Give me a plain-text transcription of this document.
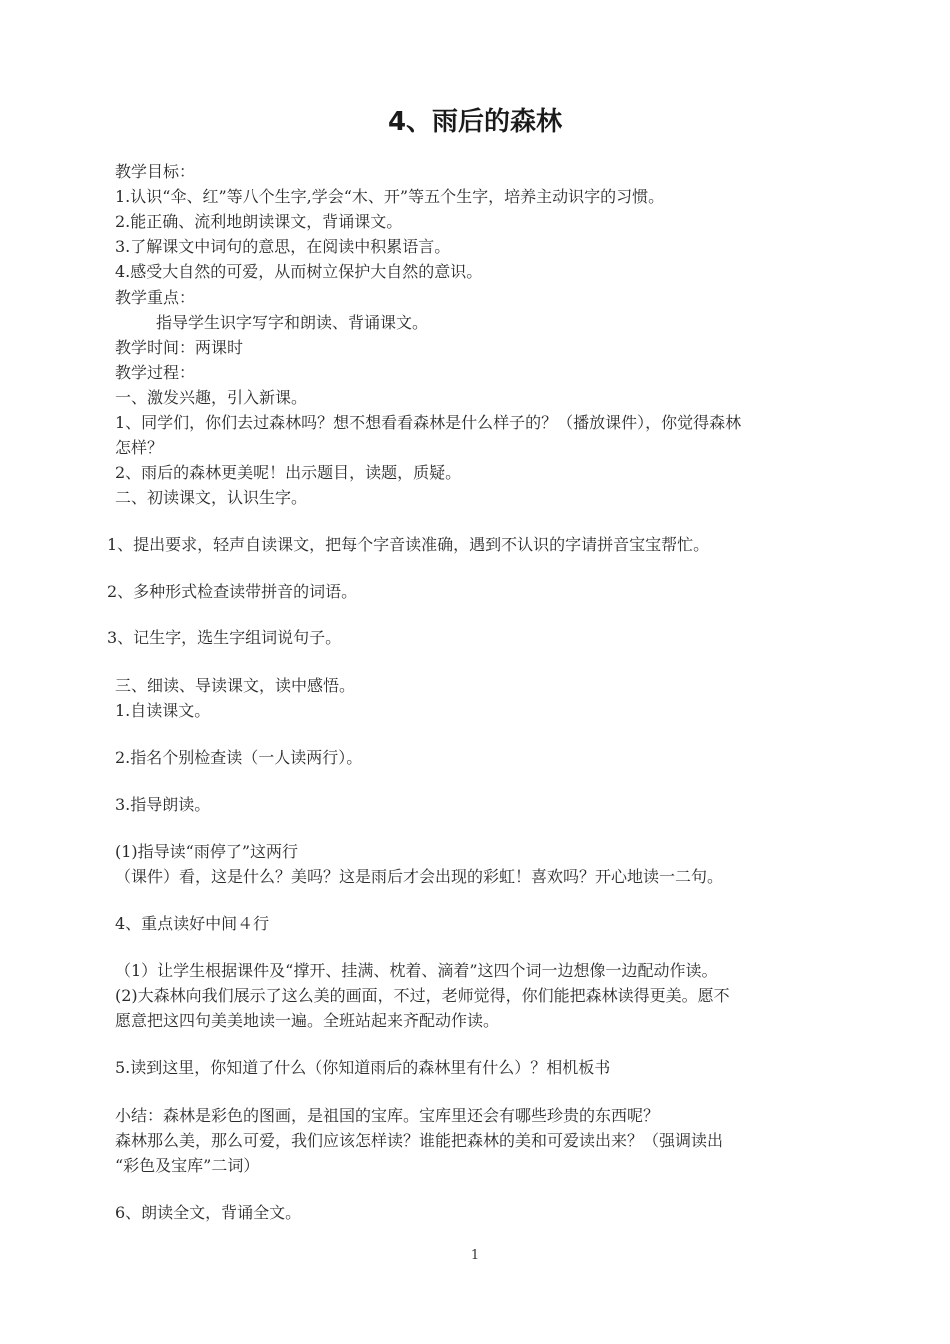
4、雨后的森林
教学目标：
1.认识“伞、红”等八个生字,学会“木、开”等五个生字，培养主动识字的习惯。
2.能正确、流利地朗读课文，背诵课文。
3.了解课文中词句的意思，在阅读中积累语言。
4.感受大自然的可爱，从而树立保护大自然的意识。
教学重点：
指导学生识字写字和朗读、背诵课文。
教学时间：两课时
教学过程：
一、激发兴趣，引入新课。
1、同学们，你们去过森林吗？想不想看看森林是什么样子的？（播放课件），你觉得森林
怎样？
2、雨后的森林更美呢！出示题目，读题，质疑。
二、初读课文，认识生字。
1、提出要求，轻声自读课文，把每个字音读准确，遇到不认识的字请拼音宝宝帮忙。
2、多种形式检查读带拼音的词语。
3、记生字，选生字组词说句子。
三、细读、导读课文，读中感悟。
1.自读课文。
2.指名个别检查读（一人读两行）。
3.指导朗读。
(1)指导读“雨停了”这两行
（课件）看，这是什么？美吗？这是雨后才会出现的彩虹！喜欢吗？开心地读一二句。
4、重点读好中间４行
（1）让学生根据课件及“撑开、挂满、枕着、滴着”这四个词一边想像一边配动作读。
(2)大森林向我们展示了这么美的画面，不过，老师觉得，你们能把森林读得更美。愿不
愿意把这四句美美地读一遍。全班站起来齐配动作读。
5.读到这里，你知道了什么（你知道雨后的森林里有什么）？相机板书
小结：森林是彩色的图画，是祖国的宝库。宝库里还会有哪些珍贵的东西呢？
森林那么美，那么可爱，我们应该怎样读？谁能把森林的美和可爱读出来？（强调读出
“彩色及宝库”二词）
6、朗读全文，背诵全文。
1
